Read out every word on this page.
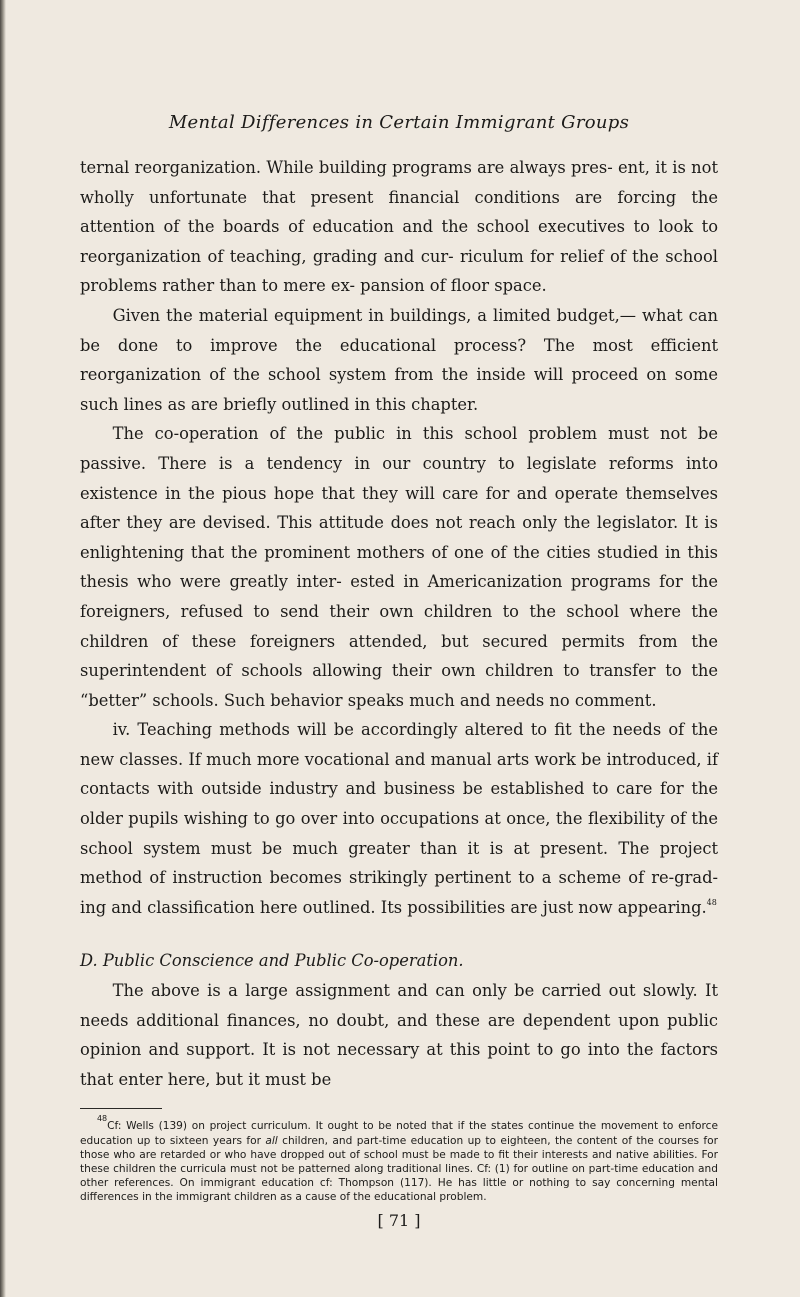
Mental Differences in Certain Immigrant Groups

ternal reorganization. While building programs are always pres- ent, it is not wholly unfortunate that present financial conditions are forcing the attention of the boards of education and the school executives to look to reorganization of teaching, grading and cur- riculum for relief of the school problems rather than to mere ex- pansion of floor space.

Given the material equipment in buildings, a limited budget,— what can be done to improve the educational process? The most efficient reorganization of the school system from the inside will proceed on some such lines as are briefly outlined in this chapter.

The co-operation of the public in this school problem must not be passive. There is a tendency in our country to legislate reforms into existence in the pious hope that they will care for and operate themselves after they are devised. This attitude does not reach only the legislator. It is enlightening that the prominent mothers of one of the cities studied in this thesis who were greatly inter- ested in Americanization programs for the foreigners, refused to send their own children to the school where the children of these foreigners attended, but secured permits from the superintendent of schools allowing their own children to transfer to the “better” schools. Such behavior speaks much and needs no comment.

iv. Teaching methods will be accordingly altered to fit the needs of the new classes. If much more vocational and manual arts work be introduced, if contacts with outside industry and business be established to care for the older pupils wishing to go over into occupations at once, the flexibility of the school system must be much greater than it is at present. The project method of instruction becomes strikingly pertinent to a scheme of re-grad- ing and classification here outlined. Its possibilities are just now appearing.$^{48}$

D. Public Conscience and Public Co-operation.

The above is a large assignment and can only be carried out slowly. It needs additional finances, no doubt, and these are dependent upon public opinion and support. It is not necessary at this point to go into the factors that enter here, but it must be

$^{48}$Cf: Wells (139) on project curriculum. It ought to be noted that if the states continue the movement to enforce education up to sixteen years for all children, and part-time education up to eighteen, the content of the courses for those who are retarded or who have dropped out of school must be made to fit their interests and native abilities. For these children the curricula must not be patterned along traditional lines. Cf: (1) for outline on part-time education and other references. On immigrant education cf: Thompson (117). He has little or nothing to say concerning mental differences in the immigrant children as a cause of the educational problem.

[ 71 ]
